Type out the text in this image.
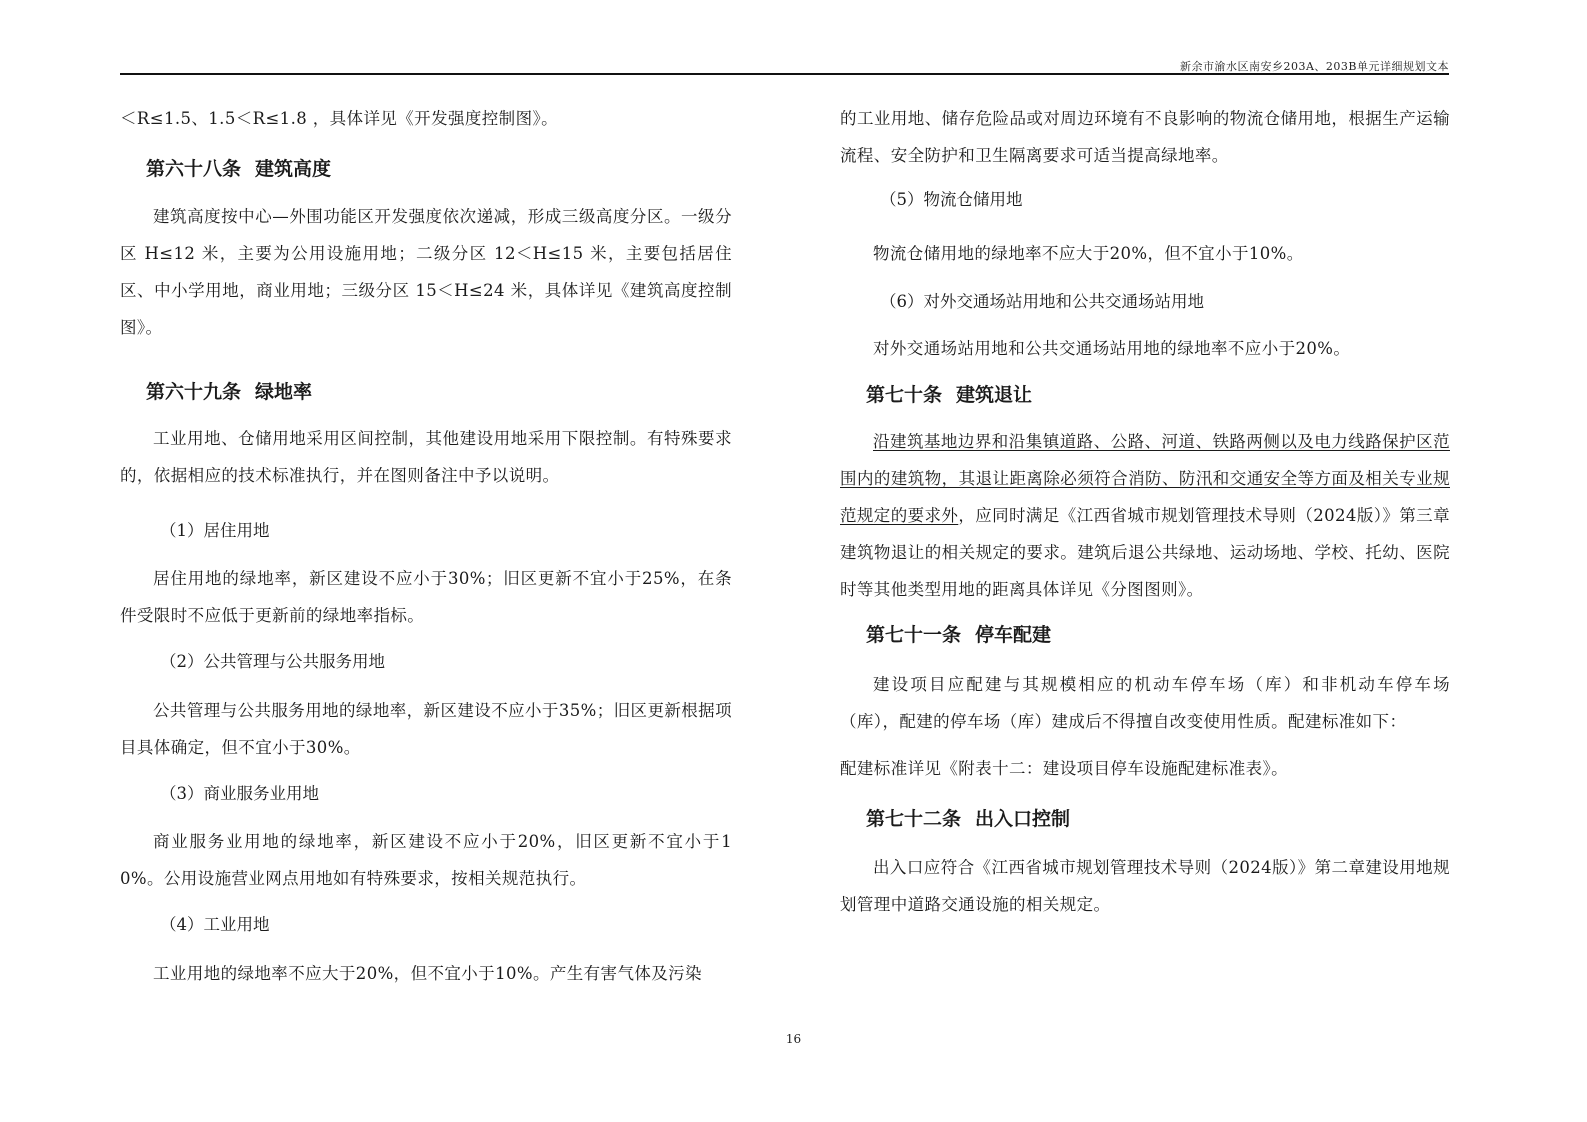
新余市渝水区南安乡203A、203B单元详细规划文本

＜R≤1.5、1.5＜R≤1.8 ，具体详见《开发强度控制图》。

第六十八条 建筑高度

建筑高度按中心—外围功能区开发强度依次递减，形成三级高度分区。一级分区 H≤12 米，主要为公用设施用地；二级分区 12＜H≤15 米，主要包括居住区、中小学用地，商业用地；三级分区 15＜H≤24 米，具体详见《建筑高度控制图》。

第六十九条 绿地率

工业用地、仓储用地采用区间控制，其他建设用地采用下限控制。有特殊要求的，依据相应的技术标准执行，并在图则备注中予以说明。

（1）居住用地

居住用地的绿地率，新区建设不应小于30%；旧区更新不宜小于25%，在条件受限时不应低于更新前的绿地率指标。

（2）公共管理与公共服务用地

公共管理与公共服务用地的绿地率，新区建设不应小于35%；旧区更新根据项目具体确定，但不宜小于30%。

（3）商业服务业用地

商业服务业用地的绿地率，新区建设不应小于20%，旧区更新不宜小于10%。公用设施营业网点用地如有特殊要求，按相关规范执行。

（4）工业用地

工业用地的绿地率不应大于20%，但不宜小于10%。产生有害气体及污染

的工业用地、储存危险品或对周边环境有不良影响的物流仓储用地，根据生产运输流程、安全防护和卫生隔离要求可适当提高绿地率。

（5）物流仓储用地

物流仓储用地的绿地率不应大于20%，但不宜小于10%。

（6）对外交通场站用地和公共交通场站用地

对外交通场站用地和公共交通场站用地的绿地率不应小于20%。

第七十条 建筑退让

沿建筑基地边界和沿集镇道路、公路、河道、铁路两侧以及电力线路保护区范围内的建筑物，其退让距离除必须符合消防、防汛和交通安全等方面及相关专业规范规定的要求外，应同时满足《江西省城市规划管理技术导则（2024版）》第三章建筑物退让的相关规定的要求。建筑后退公共绿地、运动场地、学校、托幼、医院时等其他类型用地的距离具体详见《分图图则》。

第七十一条 停车配建

建设项目应配建与其规模相应的机动车停车场（库）和非机动车停车场（库），配建的停车场（库）建成后不得擅自改变使用性质。配建标准如下：

配建标准详见《附表十二：建设项目停车设施配建标准表》。

第七十二条 出入口控制

出入口应符合《江西省城市规划管理技术导则（2024版）》第二章建设用地规划管理中道路交通设施的相关规定。

16
